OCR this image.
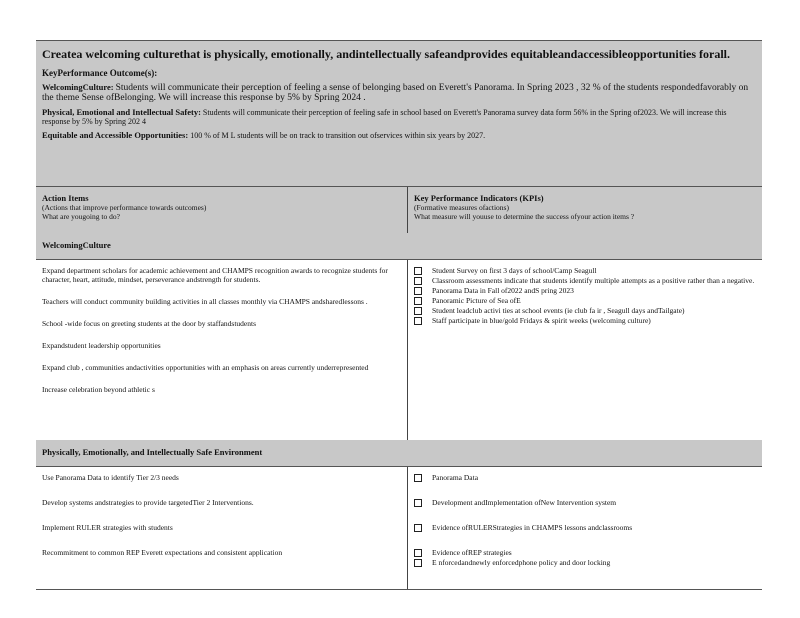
Createa welcoming culturethat is physically, emotionally, andintellectually safeandprovides equitableandaccessibleopportunities forall.
KeyPerformance Outcome(s):
WelcomingCulture: Students will communicate their perception of feeling a sense of belonging based on Everett's Panorama. In Spring 2023 , 32 % of the students respondedfavorably on the theme Sense ofBelonging. We will increase this response by 5% by Spring 2024 .
Physical, Emotional and Intellectual Safety: Students will communicate their perception of feeling safe in school based on Everett's Panorama survey data form 56% in the Spring of2023. We will increase this response by 5% by Spring 202 4
Equitable and Accessible Opportunities: 100 % of M L students will be on track to transition out ofservices within six years by 2027.
Action Items
(Actions that improve performance towards outcomes)
What are yougoing to do?
Key Performance Indicators (KPIs)
(Formative measures ofactions)
What measure will youuse to determine the success ofyour action items ?
WelcomingCulture
Expand department scholars for academic achievement and CHAMPS recognition awards to recognize students for character, heart, attitude, mindset, perseverance andstrength for students.
Teachers will conduct community building activities in all classes monthly via CHAMPS andsharedlessons .
School -wide focus on greeting students at the door by staffandstudents
Expandstudent leadership opportunities
Expand club , communities andactivities opportunities with an emphasis on areas currently underrepresented
Increase celebration beyond athletic s
Student Survey on first 3 days of school/Camp Seagull
Classroom assessments indicate that students identify multiple attempts as a positive rather than a negative.
Panorama Data in Fall of2022 andS pring 2023
Panoramic Picture of Sea ofE
Student leadclub activi ties at school events (ie club fa ir , Seagull days andTailgate)
Staff participate in blue/gold Fridays & spirit weeks (welcoming culture)
Physically, Emotionally, and Intellectually Safe Environment
Use Panorama Data to identify Tier 2/3 needs
Develop systems andstrategies to provide targetedTier 2 Interventions.
Implement RULER strategies with students
Recommitment to common REP Everett expectations and consistent application
Panorama Data
Development andImplementation ofNew Intervention system
Evidence ofRULERStrategies in CHAMPS lessons andclassrooms
Evidence ofREP strategies
E nforcedandnewly enforcedphone policy and door locking
